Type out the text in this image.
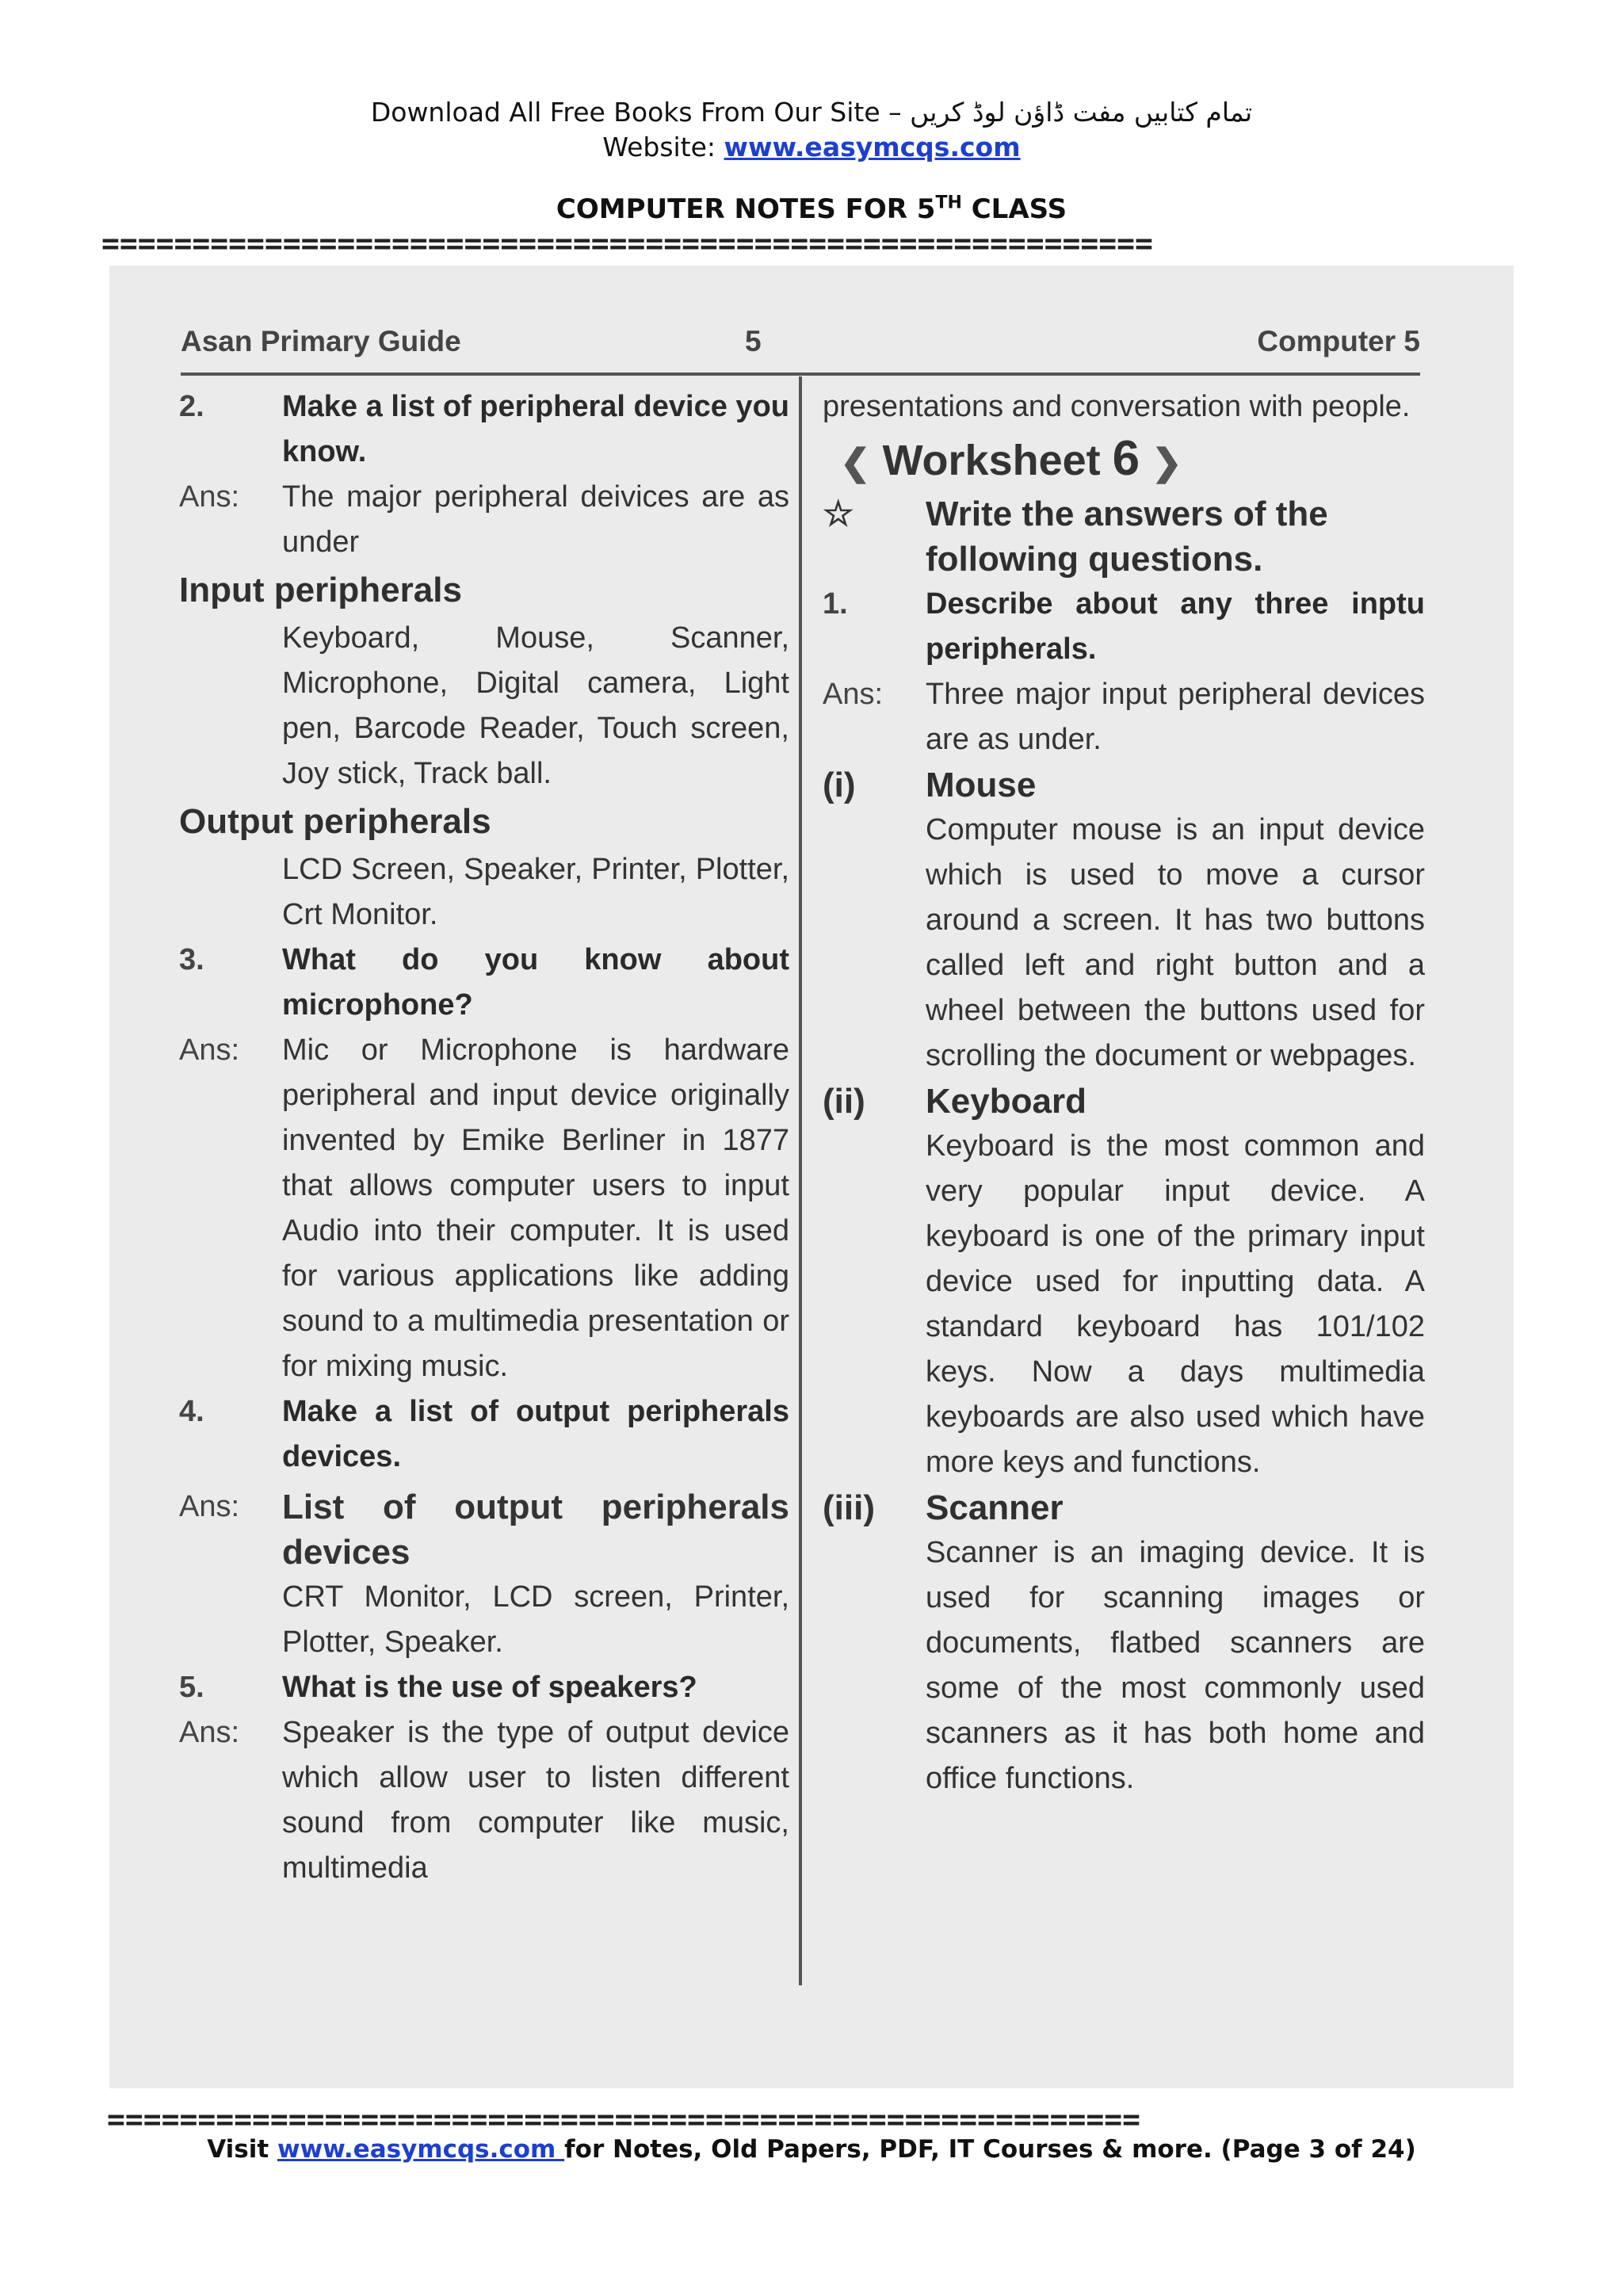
Download All Free Books From Our Site – تمام کتابیں مفت ڈاؤن لوڈ کریں
Website: www.easymcqs.com
COMPUTER NOTES FOR 5TH CLASS
==========================================================
Asan Primary Guide	5	Computer 5
2.	Make a list of peripheral device you know.
Ans:	The major peripheral deivices are as under
Input peripherals
Keyboard, Mouse, Scanner, Microphone, Digital camera, Light pen, Barcode Reader, Touch screen, Joy stick, Track ball.
Output peripherals
LCD Screen, Speaker, Printer, Plotter, Crt Monitor.
3.	What do you know about microphone?
Ans:	Mic or Microphone is hardware peripheral and input device originally invented by Emike Berliner in 1877 that allows computer users to input Audio into their computer. It is used for various applications like adding sound to a multimedia presentation or for mixing music.
4.	Make a list of output peripherals devices.
Ans:	List of output peripherals devices
CRT Monitor, LCD screen, Printer, Plotter, Speaker.
5.	What is the use of speakers?
Ans:	Speaker is the type of output device which allow user to listen different sound from computer like music, multimedia
presentations and conversation with people.
❮ Worksheet 6 ❯
☆	Write the answers of the following questions.
1.	Describe about any three inptu peripherals.
Ans:	Three major input peripheral devices are as under.
(i)	Mouse
Computer mouse is an input device which is used to move a cursor around a screen. It has two buttons called left and right button and a wheel between the buttons used for scrolling the document or webpages.
(ii)	Keyboard
Keyboard is the most common and very popular input device. A keyboard is one of the primary input device used for inputting data. A standard keyboard has 101/102 keys. Now a days multimedia keyboards are also used which have more keys and functions.
(iii)	Scanner
Scanner is an imaging device. It is used for scanning images or documents, flatbed scanners are some of the most commonly used scanners as it has both home and office functions.
=========================================================
Visit www.easymcqs.com for Notes, Old Papers, PDF, IT Courses & more. (Page 3 of 24)
